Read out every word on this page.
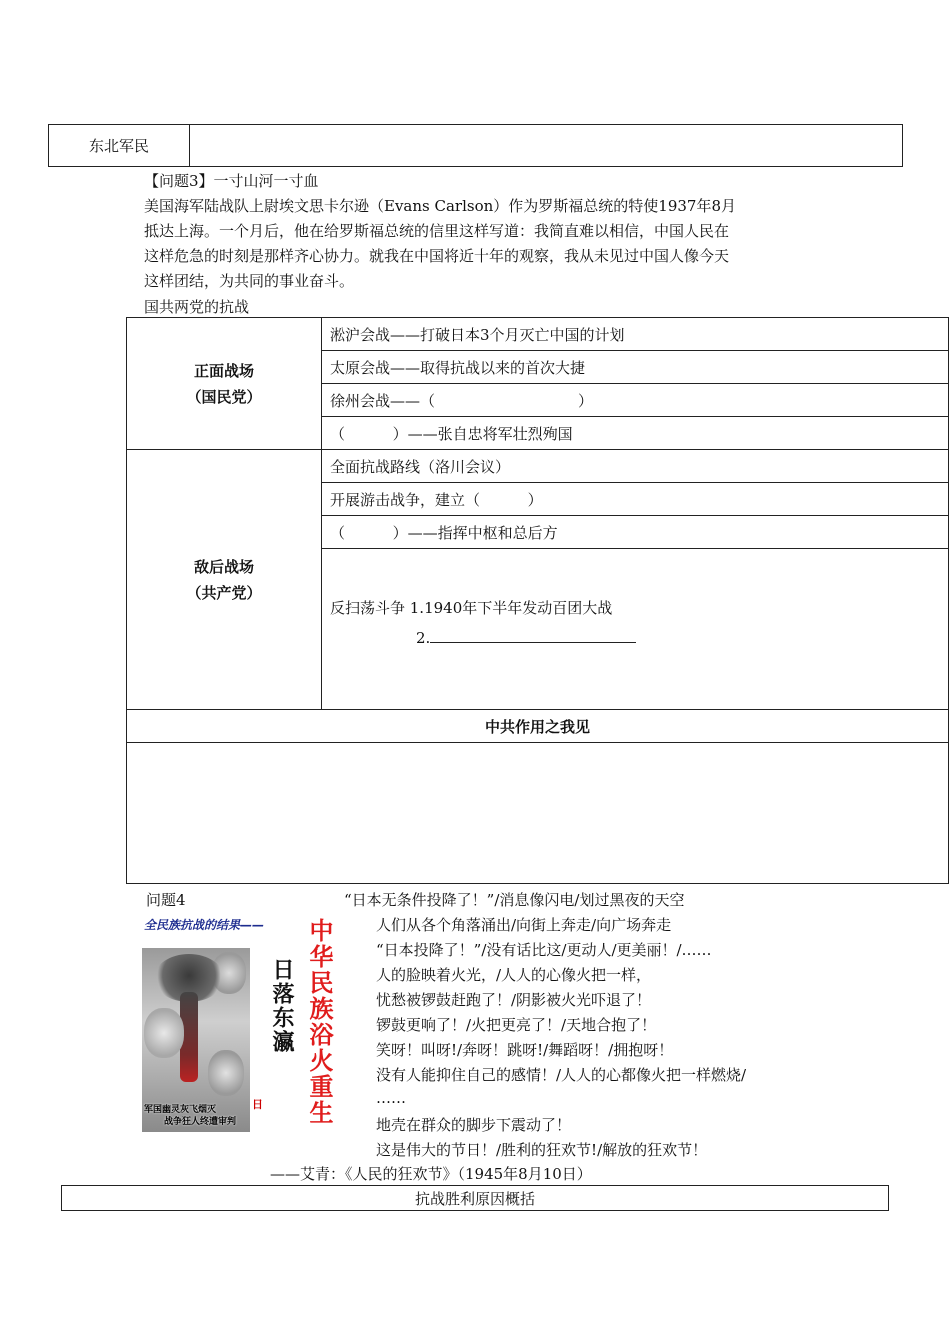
东北军民	
【问题3】一寸山河一寸血
美国海军陆战队上尉埃文思卡尔逊（Evans Carlson）作为罗斯福总统的特使1937年8月
抵达上海。一个月后，他在给罗斯福总统的信里这样写道：我简直难以相信，中国人民在
这样危急的时刻是那样齐心协力。就我在中国将近十年的观察，我从未见过中国人像今天
这样团结，为共同的事业奋斗。
国共两党的抗战
正面战场
（国民党）	淞沪会战——打破日本3个月灭亡中国的计划
	太原会战——取得抗战以来的首次大捷
	徐州会战——（                              ）
	（          ）——张自忠将军壮烈殉国

敌后战场
（共产党）	全面抗战路线（洛川会议）
	开展游击战争，建立（          ）
	（          ）——指挥中枢和总后方

	反扫荡斗争 1.1940年下半年发动百团大战
2.

中共作用之我见	

问题4
全民族抗战的结果——
军国幽灵灰飞烟灭
战争狂人终遭审判
日 中华民族浴火重生
日落东瀛
“日本无条件投降了！”/消息像闪电/划过黑夜的天空
人们从各个角落涌出/向街上奔走/向广场奔走
“日本投降了！”/没有话比这/更动人/更美丽！/……
人的脸映着火光，/人人的心像火把一样，
忧愁被锣鼓赶跑了！/阴影被火光吓退了！
锣鼓更响了！/火把更亮了！/天地合抱了！
笑呀！叫呀!/奔呀！跳呀!/舞蹈呀！/拥抱呀！
没有人能抑住自己的感情！/人人的心都像火把一样燃烧/
……
地壳在群众的脚步下震动了！
这是伟大的节日！/胜利的狂欢节!/解放的狂欢节！
——艾青：《人民的狂欢节》（1945年8月10日）
抗战胜利原因概括
